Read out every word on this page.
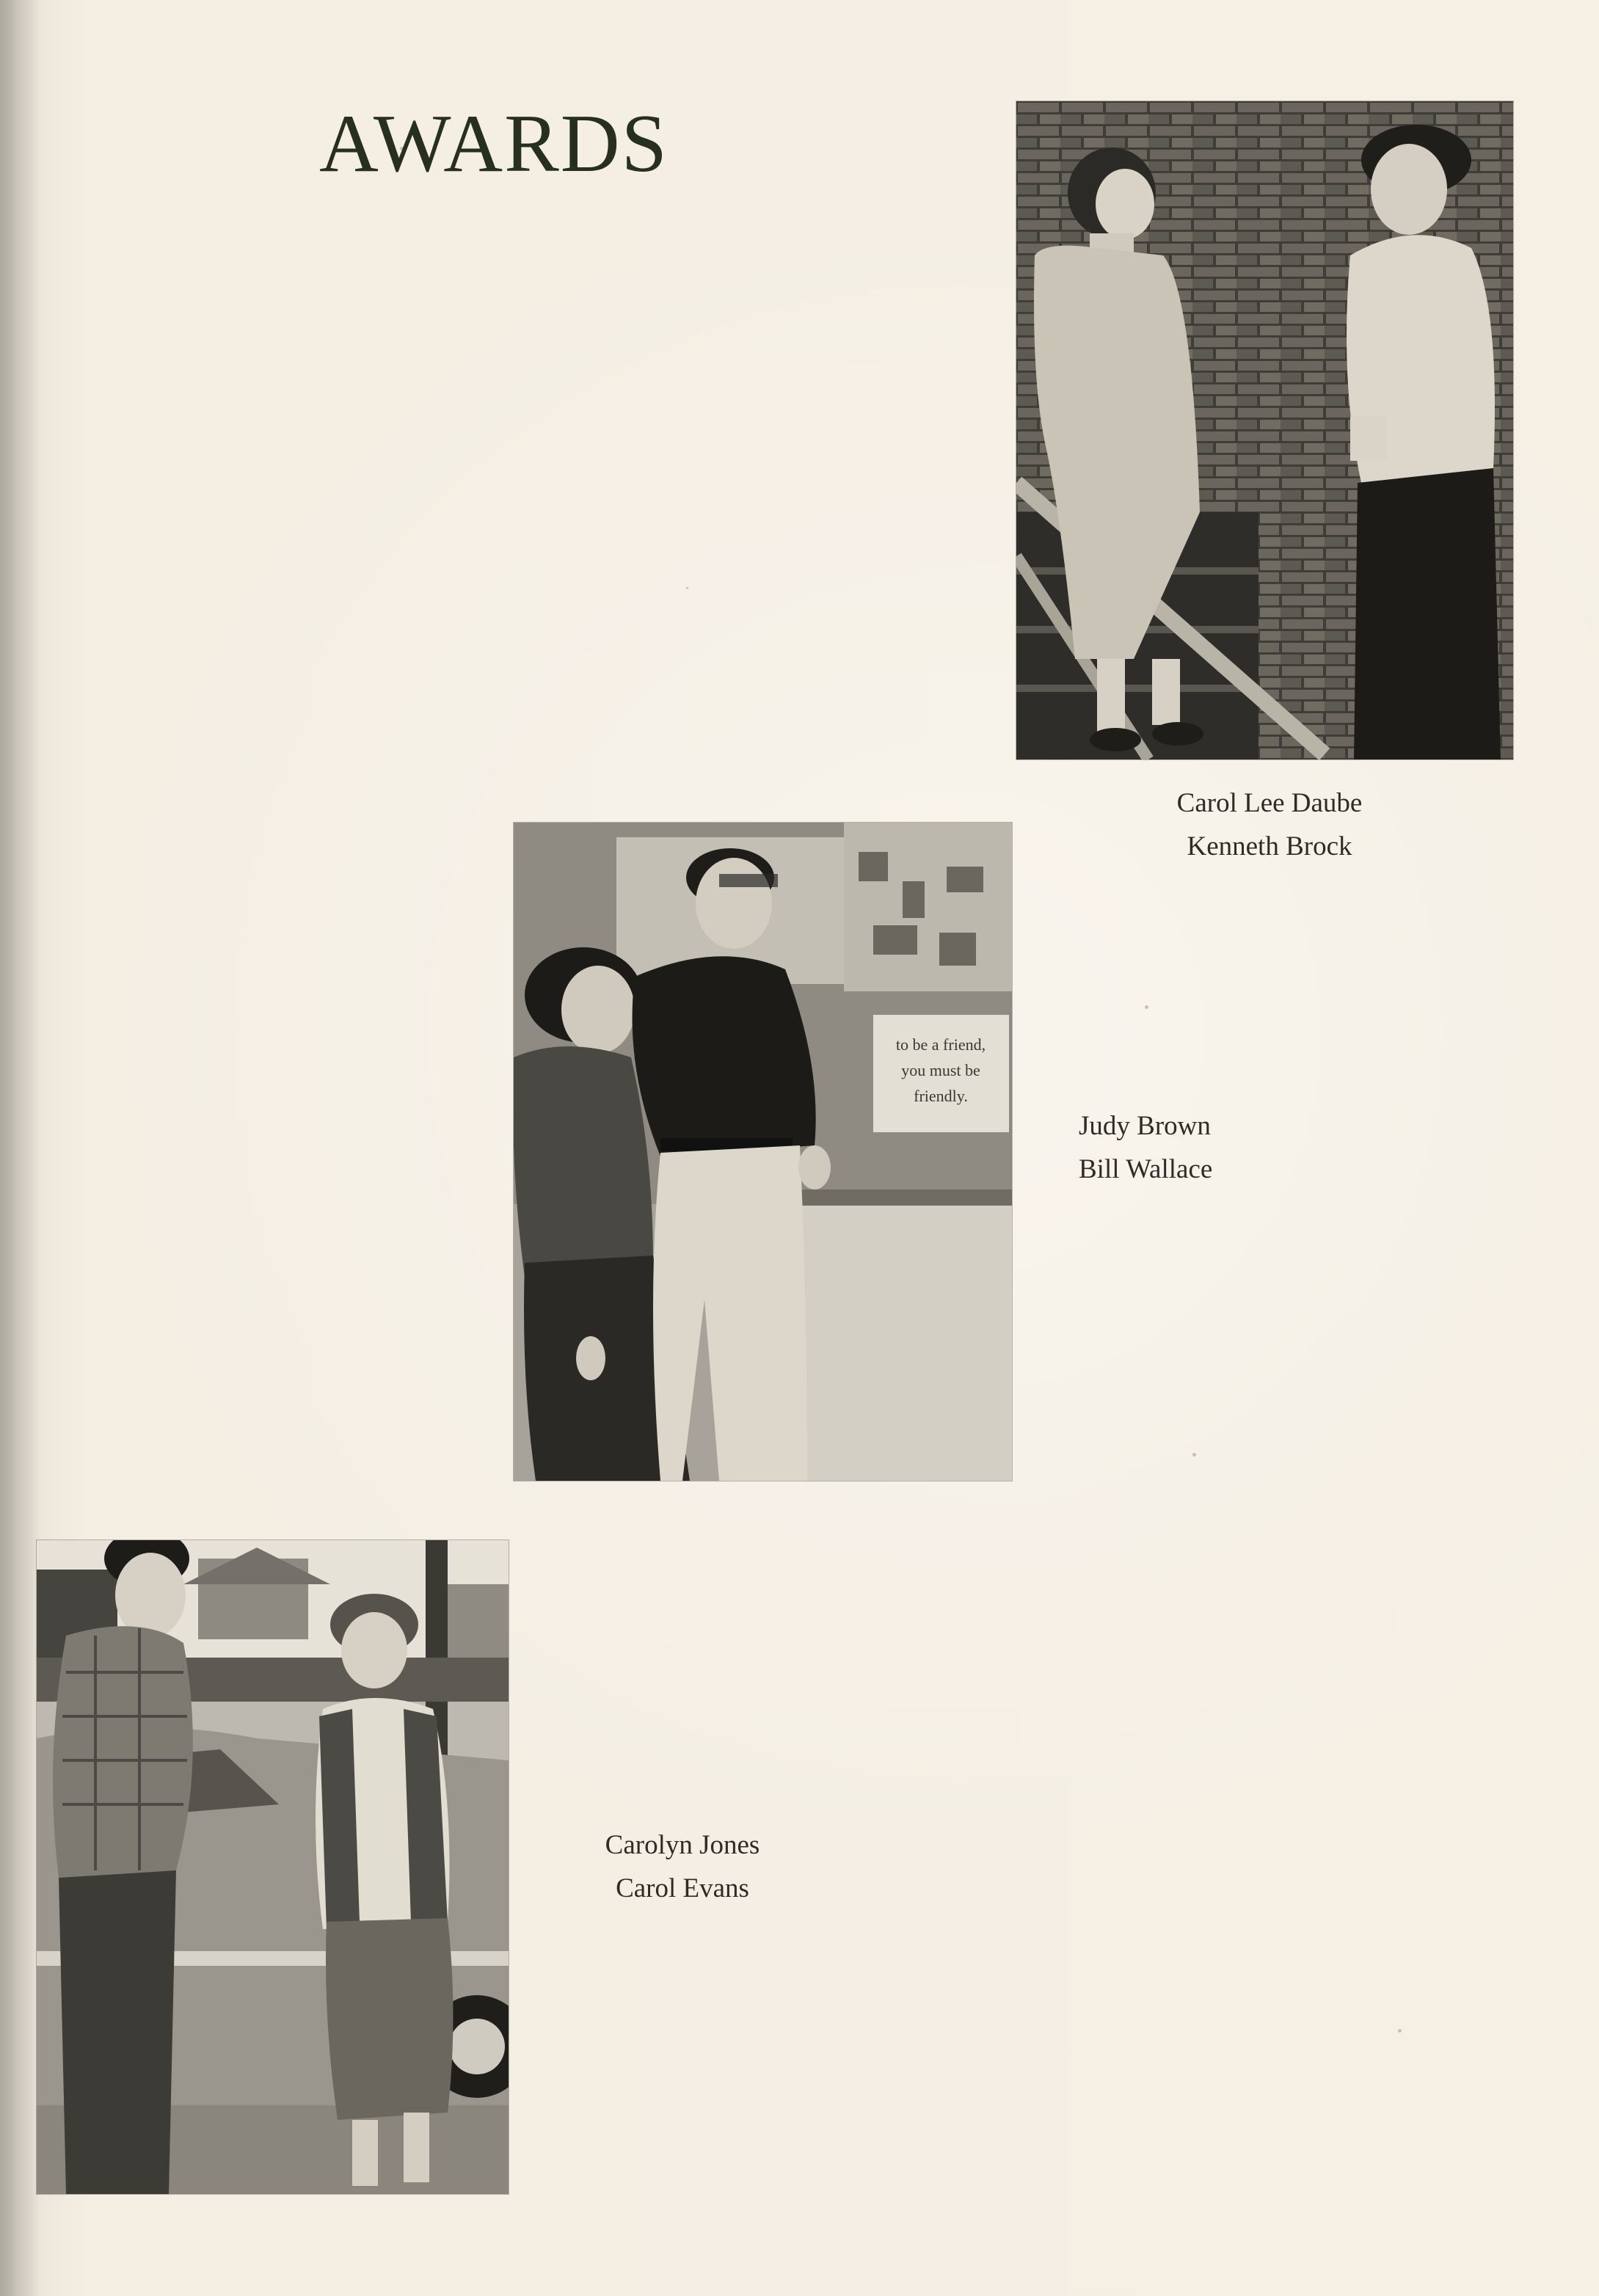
AWARDS
Carol Lee Daube
Kenneth Brock
to be a friend,
you must be
friendly.
Judy Brown
Bill Wallace
Carolyn Jones
Carol Evans
